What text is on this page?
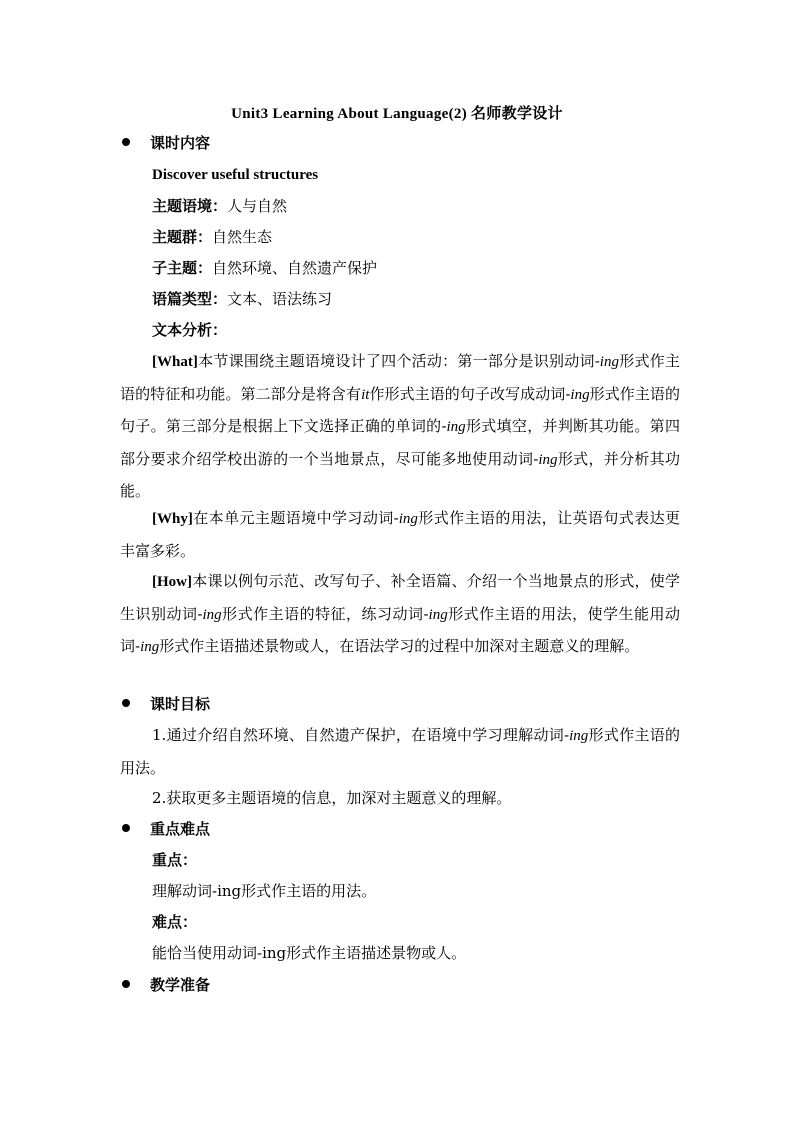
Unit3 Learning About Language(2) 名师教学设计
课时内容
Discover useful structures
主题语境：人与自然
主题群：自然生态
子主题：自然环境、自然遗产保护
语篇类型：文本、语法练习
文本分析：
[What]本节课围绕主题语境设计了四个活动：第一部分是识别动词-ing形式作主语的特征和功能。第二部分是将含有it作形式主语的句子改写成动词-ing形式作主语的句子。第三部分是根据上下文选择正确的单词的-ing形式填空，并判断其功能。第四部分要求介绍学校出游的一个当地景点，尽可能多地使用动词-ing形式，并分析其功能。
[Why]在本单元主题语境中学习动词-ing形式作主语的用法，让英语句式表达更丰富多彩。
[How]本课以例句示范、改写句子、补全语篇、介绍一个当地景点的形式，使学生识别动词-ing形式作主语的特征，练习动词-ing形式作主语的用法，使学生能用动词-ing形式作主语描述景物或人，在语法学习的过程中加深对主题意义的理解。
课时目标
1.通过介绍自然环境、自然遗产保护，在语境中学习理解动词-ing形式作主语的用法。
2.获取更多主题语境的信息，加深对主题意义的理解。
重点难点
重点：
理解动词-ing形式作主语的用法。
难点：
能恰当使用动词-ing形式作主语描述景物或人。
教学准备
